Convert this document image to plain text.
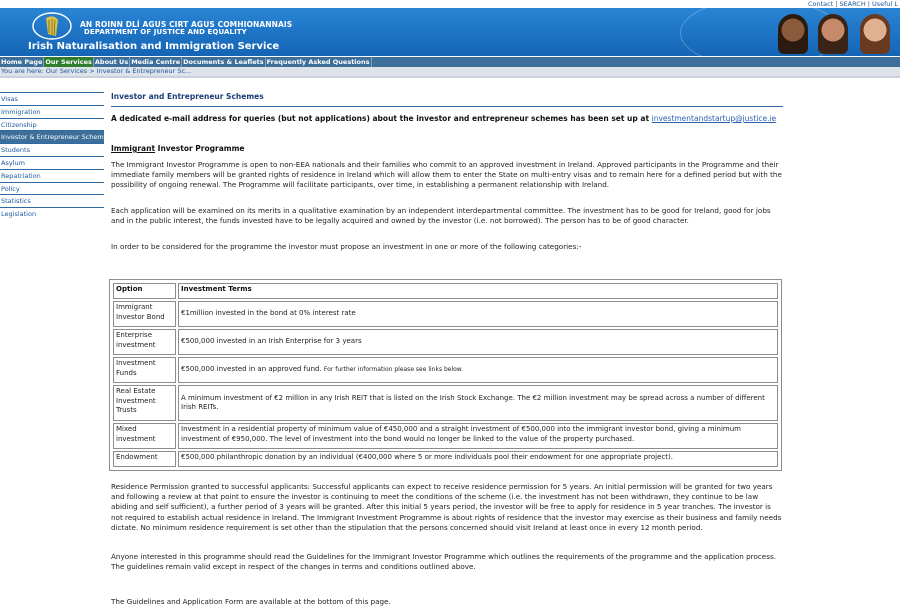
Contact | SEARCH | Useful L
AN ROINN DLÍ AGUS CIRT AGUS COMHIONANNAIS
DEPARTMENT OF JUSTICE AND EQUALITY
Irish Naturalisation and Immigration Service
Home Page Our Services About Us Media Centre Documents & Leaflets Frequently Asked Questions
You are here: Our Services > Investor & Entrepreneur Sc...
Visas
Immigration
Citizenship
Investor & Entrepreneur Schemes
Students
Asylum
Repatriation
Policy
Statistics
Legislation
Investor and Entrepreneur Schemes
A dedicated e-mail address for queries (but not applications) about the investor and entrepreneur schemes has been set up at investmentandstartup@justice.ie
Immigrant Investor Programme

The Immigrant Investor Programme is open to non-EEA nationals and their families who commit to an approved investment in Ireland. Approved participants in the Programme and their immediate family members will be granted rights of residence in Ireland which will allow them to enter the State on multi-entry visas and to remain here for a defined period but with the possibility of ongoing renewal. The Programme will facilitate participants, over time, in establishing a permanent relationship with Ireland.

Each application will be examined on its merits in a qualitative examination by an independent interdepartmental committee. The investment has to be good for Ireland, good for jobs and in the public interest, the funds invested have to be legally acquired and owned by the investor (i.e. not borrowed). The person has to be of good character.

In order to be considered for the programme the investor must propose an investment in one or more of the following categories:-

Option	Investment Terms
Immigrant Investor Bond	€1million invested in the bond at 0% interest rate
Enterprise investment	€500,000 invested in an Irish Enterprise for 3 years
Investment Funds	€500,000 invested in an approved fund. For further information please see links below.
Real Estate Investment Trusts	A minimum investment of €2 million in any Irish REIT that is listed on the Irish Stock Exchange. The €2 million investment may be spread across a number of different Irish REITs.
Mixed investment	Investment in a residential property of minimum value of €450,000 and a straight investment of €500,000 into the immigrant investor bond, giving a minimum investment of €950,000. The level of investment into the bond would no longer be linked to the value of the property purchased.
Endowment	€500,000 philanthropic donation by an individual (€400,000 where 5 or more individuals pool their endowment for one appropriate project).

Residence Permission granted to successful applicants: Successful applicants can expect to receive residence permission for 5 years. An initial permission will be granted for two years and following a review at that point to ensure the investor is continuing to meet the conditions of the scheme (i.e. the investment has not been withdrawn, they continue to be law abiding and self sufficient), a further period of 3 years will be granted. After this initial 5 years period, the investor will be free to apply for residence in 5 year tranches. The investor is not required to establish actual residence in Ireland. The Immigrant Investment Programme is about rights of residence that the investor may exercise as their business and family needs dictate. No minimum residence requirement is set other than the stipulation that the persons concerned should visit Ireland at least once in every 12 month period.

Anyone interested in this programme should read the Guidelines for the Immigrant Investor Programme which outlines the requirements of the programme and the application process. The guidelines remain valid except in respect of the changes in terms and conditions outlined above.

The Guidelines and Application Form are available at the bottom of this page.
